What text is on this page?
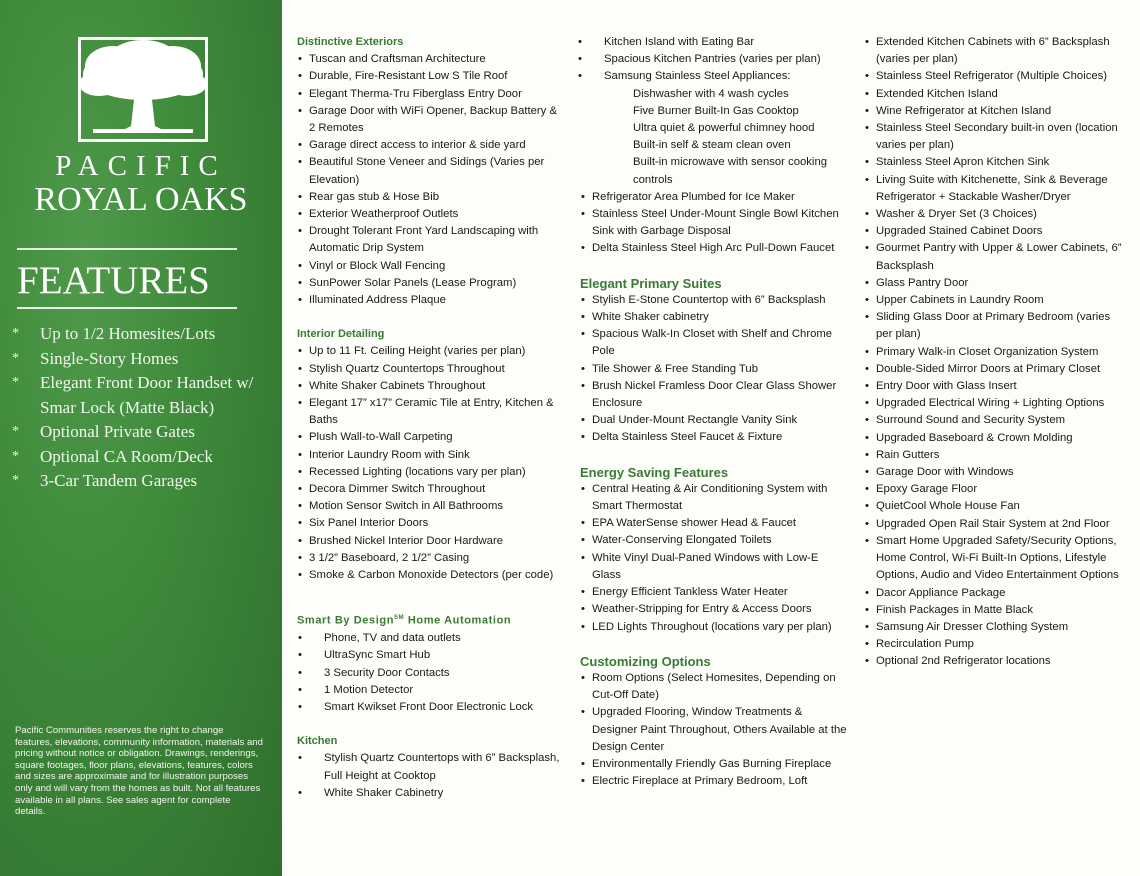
PACIFIC
ROYAL OAKS
FEATURES
* Up to 1/2 Homesites/Lots
* Single-Story Homes
* Elegant Front Door Handset w/ Smar Lock (Matte Black)
* Optional Private Gates
* Optional CA Room/Deck
* 3-Car Tandem Garages
Pacific Communities reserves the right to change features, elevations, community information, materials and pricing without notice or obligation. Drawings, renderings, square footages, floor plans, elevations, features, colors and sizes are approximate and for illustration purposes only and will vary from the homes as built. Not all features available in all plans. See sales agent for complete details.
Distinctive Exteriors
• Tuscan and Craftsman Architecture
• Durable, Fire-Resistant Low S Tile Roof
• Elegant Therma-Tru Fiberglass Entry Door
• Garage Door with WiFi Opener, Backup Battery & 2 Remotes
• Garage direct access to interior & side yard
• Beautiful Stone Veneer and Sidings (Varies per Elevation)
• Rear gas stub & Hose Bib
• Exterior Weatherproof Outlets
• Drought Tolerant Front Yard Landscaping with Automatic Drip System
• Vinyl or Block Wall Fencing
• SunPower Solar Panels (Lease Program)
• Illuminated Address Plaque
Interior Detailing
• Up to 11 Ft. Ceiling Height (varies per plan)
• Stylish Quartz Countertops Throughout
• White Shaker Cabinets Throughout
• Elegant 17” x17” Ceramic Tile at Entry, Kitchen & Baths
• Plush Wall-to-Wall Carpeting
• Interior Laundry Room with Sink
• Recessed Lighting (locations vary per plan)
• Decora Dimmer Switch Throughout
• Motion Sensor Switch in All Bathrooms
• Six Panel Interior Doors
• Brushed Nickel Interior Door Hardware
• 3 1/2” Baseboard, 2 1/2” Casing
• Smoke & Carbon Monoxide Detectors (per code)
Smart By Design℠ Home Automation
• Phone, TV and data outlets
• UltraSync Smart Hub
• 3 Security Door Contacts
• 1 Motion Detector
• Smart Kwikset Front Door Electronic Lock
Kitchen
• Stylish Quartz Countertops with 6” Backsplash, Full Height at Cooktop
• White Shaker Cabinetry
• Kitchen Island with Eating Bar
• Spacious Kitchen Pantries (varies per plan)
• Samsung Stainless Steel Appliances:
Dishwasher with 4 wash cycles
Five Burner Built-In Gas Cooktop
Ultra quiet & powerful chimney hood
Built-in self & steam clean oven
Built-in microwave with sensor cooking controls
• Refrigerator Area Plumbed for Ice Maker
• Stainless Steel Under-Mount Single Bowl Kitchen Sink with Garbage Disposal
• Delta Stainless Steel High Arc Pull-Down Faucet
Elegant Primary Suites
• Stylish E-Stone Countertop with 6” Backsplash
• White Shaker cabinetry
• Spacious Walk-In Closet with Shelf and Chrome Pole
• Tile Shower & Free Standing Tub
• Brush Nickel Framless Door Clear Glass Shower Enclosure
• Dual Under-Mount Rectangle Vanity Sink
• Delta Stainless Steel Faucet & Fixture
Energy Saving Features
• Central Heating & Air Conditioning System with Smart Thermostat
• EPA WaterSense shower Head & Faucet
• Water-Conserving Elongated Toilets
• White Vinyl Dual-Paned Windows with Low-E Glass
• Energy Efficient Tankless Water Heater
• Weather-Stripping for Entry & Access Doors
• LED Lights Throughout (locations vary per plan)
Customizing Options
• Room Options (Select Homesites, Depending on Cut-Off Date)
• Upgraded Flooring, Window Treatments & Designer Paint Throughout, Others Available at the Design Center
• Environmentally Friendly Gas Burning Fireplace
• Electric Fireplace at Primary Bedroom, Loft
• Extended Kitchen Cabinets with 6” Backsplash (varies per plan)
• Stainless Steel Refrigerator (Multiple Choices)
• Extended Kitchen Island
• Wine Refrigerator at Kitchen Island
• Stainless Steel Secondary built-in oven (location varies per plan)
• Stainless Steel Apron Kitchen Sink
• Living Suite with Kitchenette, Sink & Beverage Refrigerator + Stackable Washer/Dryer
• Washer & Dryer Set (3 Choices)
• Upgraded Stained Cabinet Doors
• Gourmet Pantry with Upper & Lower Cabinets, 6” Backsplash
• Glass Pantry Door
• Upper Cabinets in Laundry Room
• Sliding Glass Door at Primary Bedroom (varies per plan)
• Primary Walk-in Closet Organization System
• Double-Sided Mirror Doors at Primary Closet
• Entry Door with Glass Insert
• Upgraded Electrical Wiring + Lighting Options
• Surround Sound and Security System
• Upgraded Baseboard & Crown Molding
• Rain Gutters
• Garage Door with Windows
• Epoxy Garage Floor
• QuietCool Whole House Fan
• Upgraded Open Rail Stair System at 2nd Floor
• Smart Home Upgraded Safety/Security Options, Home Control, Wi-Fi Built-In Options, Lifestyle Options, Audio and Video Entertainment Options
• Dacor Appliance Package
• Finish Packages in Matte Black
• Samsung Air Dresser Clothing System
• Recirculation Pump
• Optional 2nd Refrigerator locations
